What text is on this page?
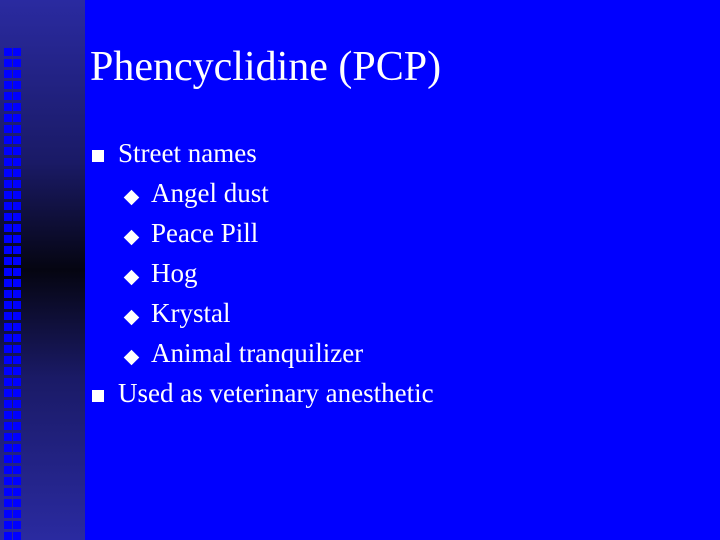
Phencyclidine (PCP)
Street names
Angel dust
Peace Pill
Hog
Krystal
Animal tranquilizer
Used as veterinary anesthetic
